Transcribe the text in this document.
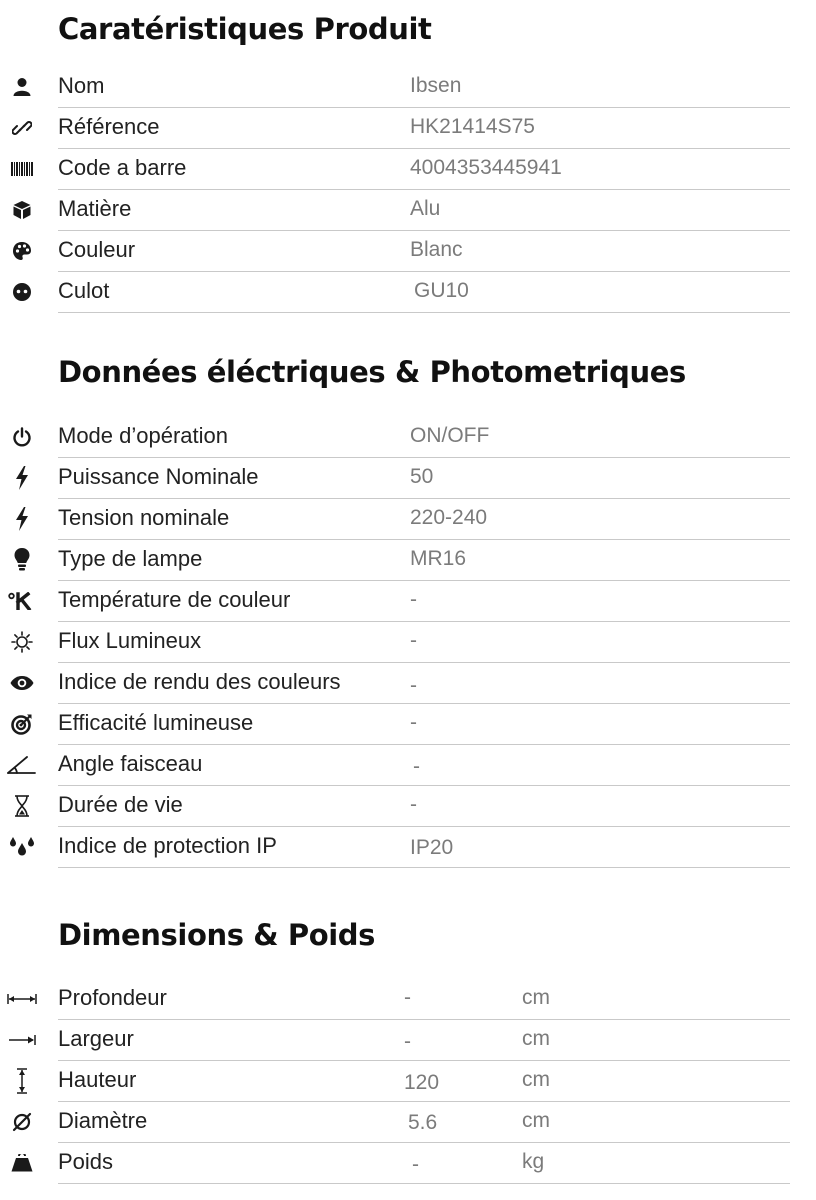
Caratéristiques Produit
Nom	Ibsen
Référence	HK21414S75
Code a barre	4004353445941
Matière	Alu
Couleur	Blanc
Culot	GU10
Données éléctriques & Photometriques
Mode d’opération	ON/OFF
Puissance Nominale	50
Tension nominale	220-240
Type de lampe	MR16
Température de couleur	-
Flux Lumineux	-
Indice de rendu des couleurs	-
Efficacité lumineuse	-
Angle faisceau	-
Durée de vie	-
Indice de protection IP	IP20
Dimensions & Poids
Profondeur	-	cm
Largeur	-	cm
Hauteur	120	cm
Diamètre	5.6	cm
Poids	-	kg
